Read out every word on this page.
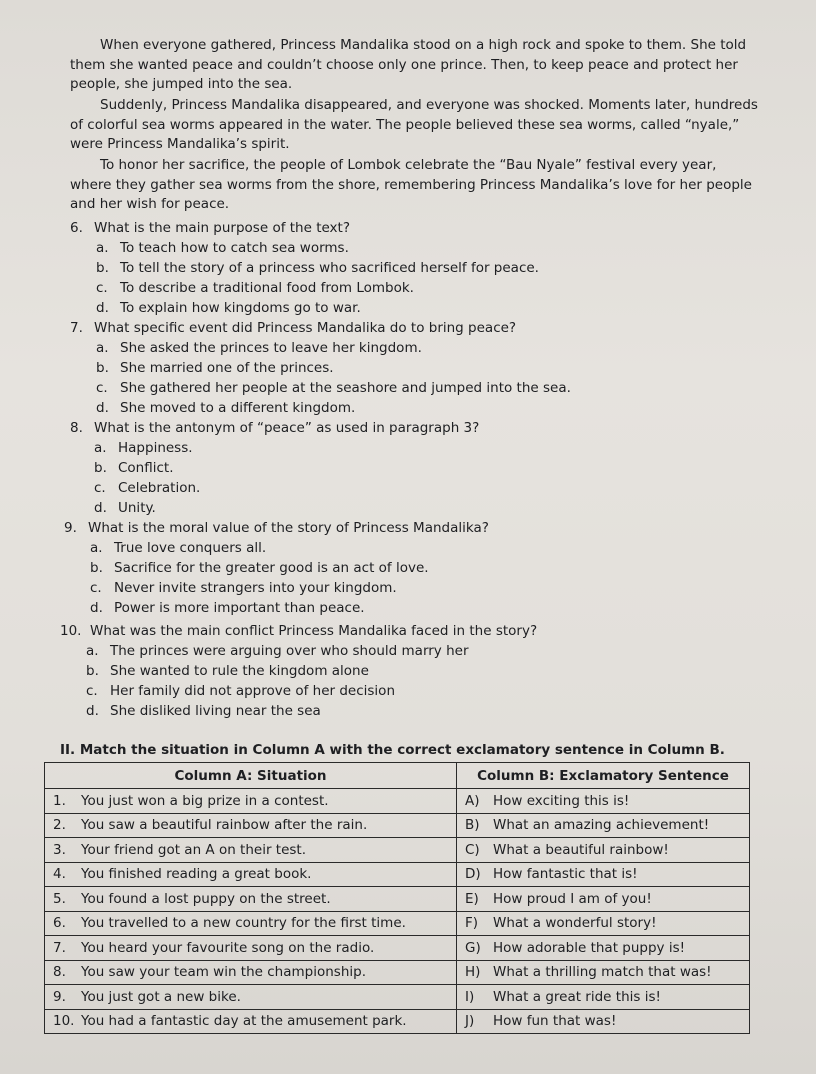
When everyone gathered, Princess Mandalika stood on a high rock and spoke to them. She told them she wanted peace and couldn’t choose only one prince. Then, to keep peace and protect her people, she jumped into the sea.

Suddenly, Princess Mandalika disappeared, and everyone was shocked. Moments later, hundreds of colorful sea worms appeared in the water. The people believed these sea worms, called “nyale,” were Princess Mandalika’s spirit.

To honor her sacrifice, the people of Lombok celebrate the “Bau Nyale” festival every year, where they gather sea worms from the shore, remembering Princess Mandalika’s love for her people and her wish for peace.

6. What is the main purpose of the text?

a. To teach how to catch sea worms.

b. To tell the story of a princess who sacrificed herself for peace.

c. To describe a traditional food from Lombok.

d. To explain how kingdoms go to war.

7. What specific event did Princess Mandalika do to bring peace?

a. She asked the princes to leave her kingdom.

b. She married one of the princes.

c. She gathered her people at the seashore and jumped into the sea.

d. She moved to a different kingdom.

8. What is the antonym of “peace” as used in paragraph 3?

a. Happiness.

b. Conflict.

c. Celebration.

d. Unity.

9. What is the moral value of the story of Princess Mandalika?

a. True love conquers all.

b. Sacrifice for the greater good is an act of love.

c. Never invite strangers into your kingdom.

d. Power is more important than peace.

10. What was the main conflict Princess Mandalika faced in the story?

a. The princes were arguing over who should marry her

b. She wanted to rule the kingdom alone

c. Her family did not approve of her decision

d. She disliked living near the sea

II. Match the situation in Column A with the correct exclamatory sentence in Column B.

Column A: Situation	Column B: Exclamatory Sentence
1. You just won a big prize in a contest.	A) How exciting this is!
2. You saw a beautiful rainbow after the rain.	B) What an amazing achievement!
3. Your friend got an A on their test.	C) What a beautiful rainbow!
4. You finished reading a great book.	D) How fantastic that is!
5. You found a lost puppy on the street.	E) How proud I am of you!
6. You travelled to a new country for the first time.	F) What a wonderful story!
7. You heard your favourite song on the radio.	G) How adorable that puppy is!
8. You saw your team win the championship.	H) What a thrilling match that was!
9. You just got a new bike.	I) What a great ride this is!
10. You had a fantastic day at the amusement park.	J) How fun that was!
